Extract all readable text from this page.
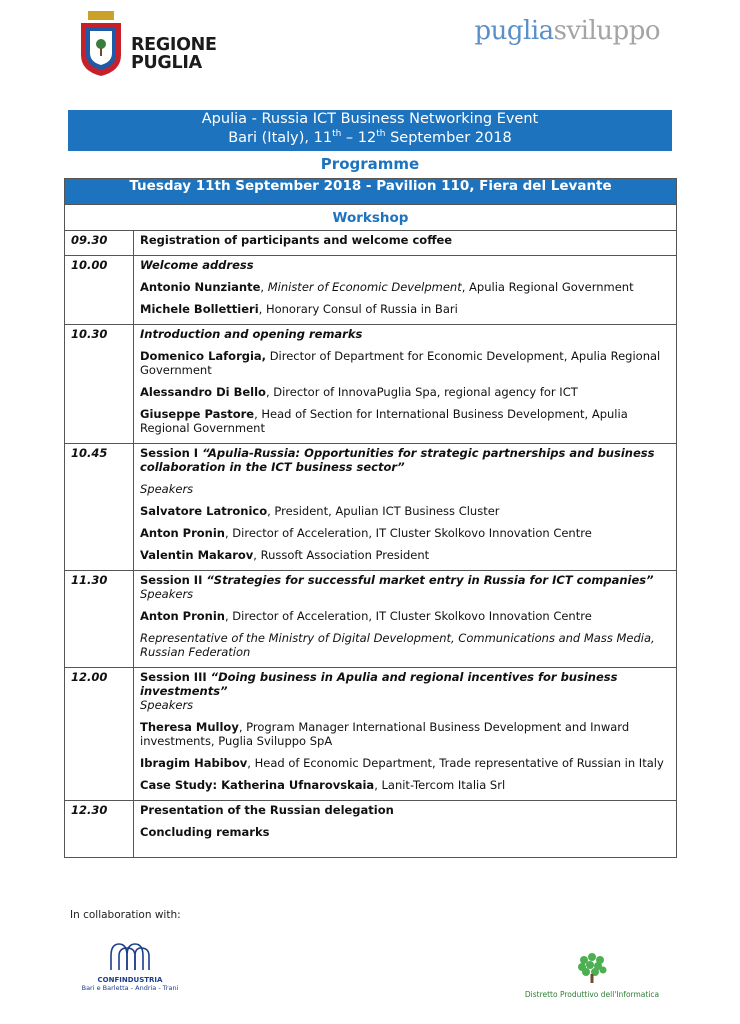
REGIONE
PUGLIA
pugliasviluppo
Apulia - Russia ICT Business Networking Event
Bari (Italy), 11th – 12th September 2018
Programme
Tuesday 11th September 2018 - Pavilion 110, Fiera del Levante	
Workshop	
09.30	Registration of participants and welcome coffee

10.00	Welcome address

Antonio Nunziante, Minister of Economic Develpment, Apulia Regional Government

Michele Bollettieri, Honorary Consul of Russia in Bari

10.30	Introduction and opening remarks

Domenico Laforgia, Director of Department for Economic Development, Apulia Regional Government

Alessandro Di Bello, Director of InnovaPuglia Spa, regional agency for ICT

Giuseppe Pastore, Head of Section for International Business Development, Apulia Regional Government

10.45	Session I “Apulia-Russia: Opportunities for strategic partnerships and business collaboration in the ICT business sector”

Speakers

Salvatore Latronico, President, Apulian ICT Business Cluster

Anton Pronin, Director of Acceleration, IT Cluster Skolkovo Innovation Centre

Valentin Makarov, Russoft Association President

11.30	Session II “Strategies for successful market entry in Russia for ICT companies”

Speakers

Anton Pronin, Director of Acceleration, IT Cluster Skolkovo Innovation Centre

Representative of the Ministry of Digital Development, Communications and Mass Media, Russian Federation

12.00	Session III “Doing business in Apulia and regional incentives for business investments”

Speakers

Theresa Mulloy, Program Manager International Business Development and Inward investments, Puglia Sviluppo SpA

Ibragim Habibov, Head of Economic Department, Trade representative of Russian in Italy

Case Study: Katherina Ufnarovskaia, Lanit-Tercom Italia Srl

12.30	Presentation of the Russian delegation

Concluding remarks

In collaboration with:
CONFINDUSTRIA
Bari e Barletta - Andria - Trani
Distretto Produttivo dell'Informatica
